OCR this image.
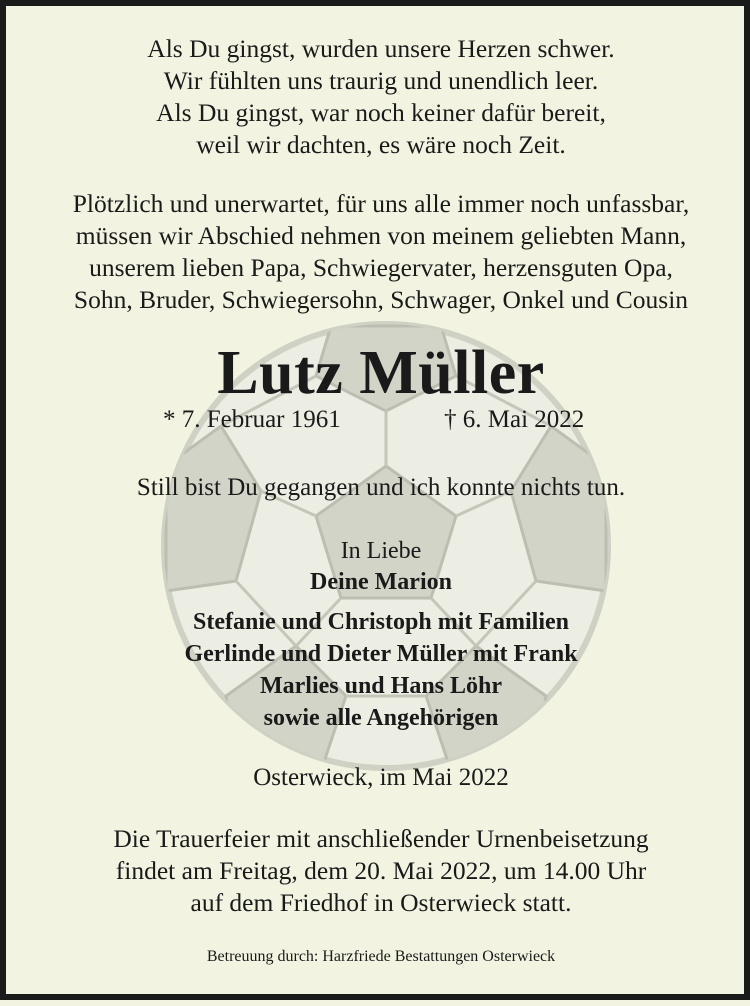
Als Du gingst, wurden unsere Herzen schwer.
Wir fühlten uns traurig und unendlich leer.
Als Du gingst, war noch keiner dafür bereit,
weil wir dachten, es wäre noch Zeit.
Plötzlich und unerwartet, für uns alle immer noch unfassbar,
müssen wir Abschied nehmen von meinem geliebten Mann,
unserem lieben Papa, Schwiegervater, herzensguten Opa,
Sohn, Bruder, Schwiegersohn, Schwager, Onkel und Cousin
Lutz Müller
* 7. Februar 1961	† 6. Mai 2022
Still bist Du gegangen und ich konnte nichts tun.
In Liebe
Deine Marion
Stefanie und Christoph mit Familien
Gerlinde und Dieter Müller mit Frank
Marlies und Hans Löhr
sowie alle Angehörigen
Osterwieck, im Mai 2022
Die Trauerfeier mit anschließender Urnenbeisetzung
findet am Freitag, dem 20. Mai 2022, um 14.00 Uhr
auf dem Friedhof in Osterwieck statt.
Betreuung durch: Harzfriede Bestattungen Osterwieck
